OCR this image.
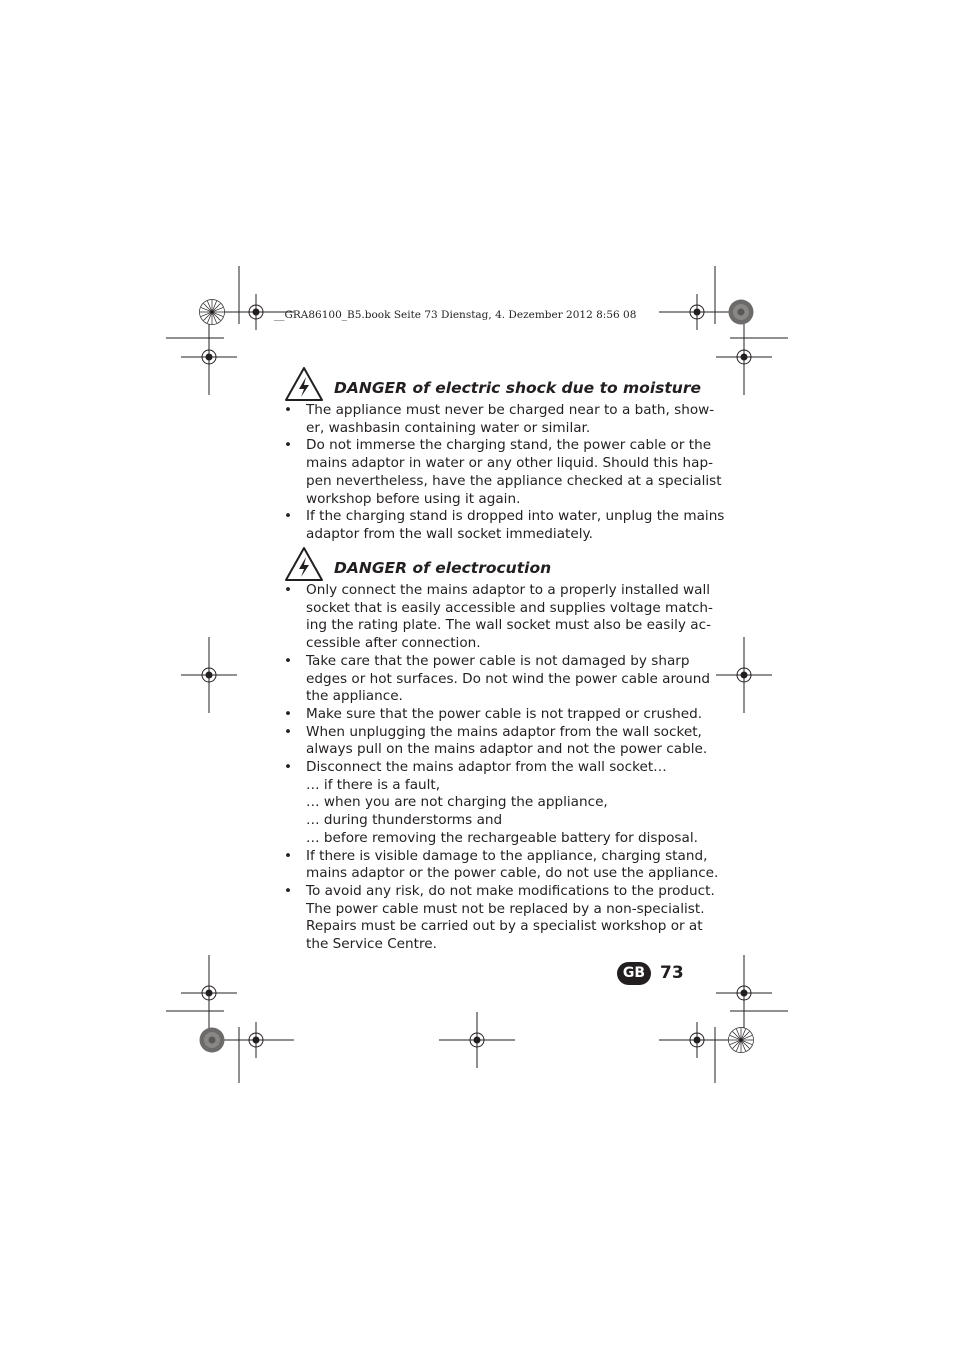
__GRA86100_B5.book Seite 73 Dienstag, 4. Dezember 2012 8:56 08
DANGER of electric shock due to moisture
• The appliance must never be charged near to a bath, show-
er, washbasin containing water or similar.
• Do not immerse the charging stand, the power cable or the
mains adaptor in water or any other liquid. Should this hap-
pen nevertheless, have the appliance checked at a specialist
workshop before using it again.
• If the charging stand is dropped into water, unplug the mains
adaptor from the wall socket immediately.
DANGER of electrocution
• Only connect the mains adaptor to a properly installed wall
socket that is easily accessible and supplies voltage match-
ing the rating plate. The wall socket must also be easily ac-
cessible after connection.
• Take care that the power cable is not damaged by sharp
edges or hot surfaces. Do not wind the power cable around
the appliance.
• Make sure that the power cable is not trapped or crushed.
• When unplugging the mains adaptor from the wall socket,
always pull on the mains adaptor and not the power cable.
• Disconnect the mains adaptor from the wall socket…
… if there is a fault,
… when you are not charging the appliance,
… during thunderstorms and
… before removing the rechargeable battery for disposal.
• If there is visible damage to the appliance, charging stand,
mains adaptor or the power cable, do not use the appliance.
• To avoid any risk, do not make modifications to the product.
The power cable must not be replaced by a non-specialist.
Repairs must be carried out by a specialist workshop or at
the Service Centre.
GB 73
